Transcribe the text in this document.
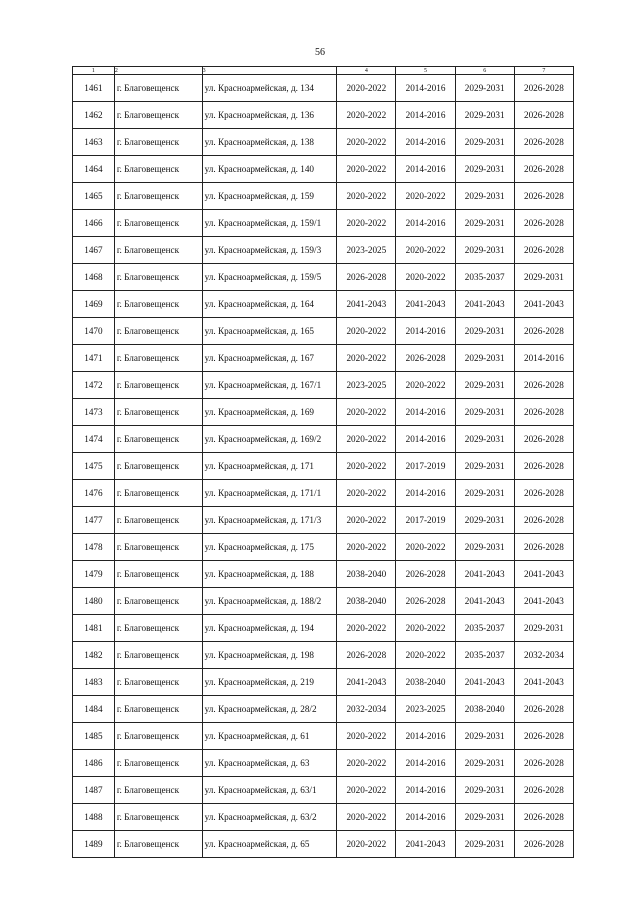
56
1	2	3	4	5	6	7
1461	г. Благовещенск	ул. Красноармейская, д. 134	2020-2022	2014-2016	2029-2031	2026-2028
1462	г. Благовещенск	ул. Красноармейская, д. 136	2020-2022	2014-2016	2029-2031	2026-2028
1463	г. Благовещенск	ул. Красноармейская, д. 138	2020-2022	2014-2016	2029-2031	2026-2028
1464	г. Благовещенск	ул. Красноармейская, д. 140	2020-2022	2014-2016	2029-2031	2026-2028
1465	г. Благовещенск	ул. Красноармейская, д. 159	2020-2022	2020-2022	2029-2031	2026-2028
1466	г. Благовещенск	ул. Красноармейская, д. 159/1	2020-2022	2014-2016	2029-2031	2026-2028
1467	г. Благовещенск	ул. Красноармейская, д. 159/3	2023-2025	2020-2022	2029-2031	2026-2028
1468	г. Благовещенск	ул. Красноармейская, д. 159/5	2026-2028	2020-2022	2035-2037	2029-2031
1469	г. Благовещенск	ул. Красноармейская, д. 164	2041-2043	2041-2043	2041-2043	2041-2043
1470	г. Благовещенск	ул. Красноармейская, д. 165	2020-2022	2014-2016	2029-2031	2026-2028
1471	г. Благовещенск	ул. Красноармейская, д. 167	2020-2022	2026-2028	2029-2031	2014-2016
1472	г. Благовещенск	ул. Красноармейская, д. 167/1	2023-2025	2020-2022	2029-2031	2026-2028
1473	г. Благовещенск	ул. Красноармейская, д. 169	2020-2022	2014-2016	2029-2031	2026-2028
1474	г. Благовещенск	ул. Красноармейская, д. 169/2	2020-2022	2014-2016	2029-2031	2026-2028
1475	г. Благовещенск	ул. Красноармейская, д. 171	2020-2022	2017-2019	2029-2031	2026-2028
1476	г. Благовещенск	ул. Красноармейская, д. 171/1	2020-2022	2014-2016	2029-2031	2026-2028
1477	г. Благовещенск	ул. Красноармейская, д. 171/3	2020-2022	2017-2019	2029-2031	2026-2028
1478	г. Благовещенск	ул. Красноармейская, д. 175	2020-2022	2020-2022	2029-2031	2026-2028
1479	г. Благовещенск	ул. Красноармейская, д. 188	2038-2040	2026-2028	2041-2043	2041-2043
1480	г. Благовещенск	ул. Красноармейская, д. 188/2	2038-2040	2026-2028	2041-2043	2041-2043
1481	г. Благовещенск	ул. Красноармейская, д. 194	2020-2022	2020-2022	2035-2037	2029-2031
1482	г. Благовещенск	ул. Красноармейская, д. 198	2026-2028	2020-2022	2035-2037	2032-2034
1483	г. Благовещенск	ул. Красноармейская, д. 219	2041-2043	2038-2040	2041-2043	2041-2043
1484	г. Благовещенск	ул. Красноармейская, д. 28/2	2032-2034	2023-2025	2038-2040	2026-2028
1485	г. Благовещенск	ул. Красноармейская, д. 61	2020-2022	2014-2016	2029-2031	2026-2028
1486	г. Благовещенск	ул. Красноармейская, д. 63	2020-2022	2014-2016	2029-2031	2026-2028
1487	г. Благовещенск	ул. Красноармейская, д. 63/1	2020-2022	2014-2016	2029-2031	2026-2028
1488	г. Благовещенск	ул. Красноармейская, д. 63/2	2020-2022	2014-2016	2029-2031	2026-2028
1489	г. Благовещенск	ул. Красноармейская, д. 65	2020-2022	2041-2043	2029-2031	2026-2028
